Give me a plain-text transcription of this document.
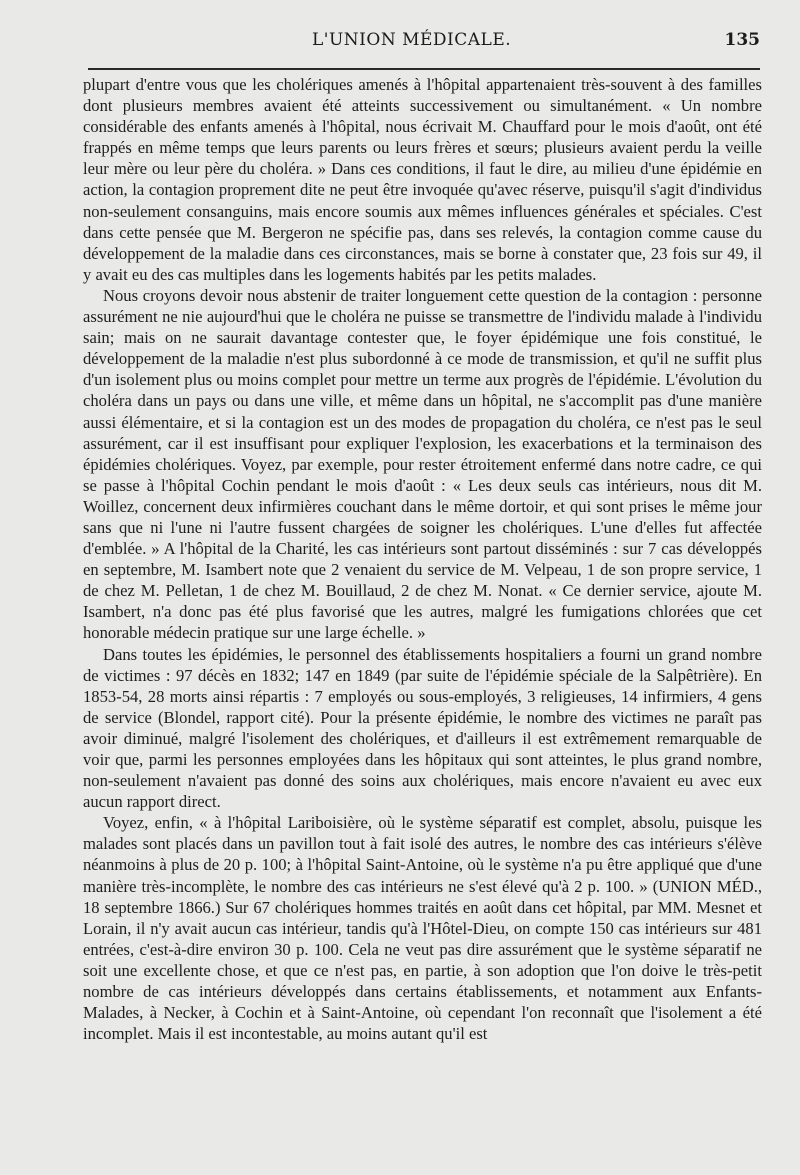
L'UNION MÉDICALE.	135

plupart d'entre vous que les cholériques amenés à l'hôpital appartenaient très-souvent à des familles dont plusieurs membres avaient été atteints successivement ou simultanément. « Un nombre considérable des enfants amenés à l'hôpital, nous écrivait M. Chauffard pour le mois d'août, ont été frappés en même temps que leurs parents ou leurs frères et sœurs; plusieurs avaient perdu la veille leur mère ou leur père du choléra. » Dans ces conditions, il faut le dire, au milieu d'une épidémie en action, la contagion proprement dite ne peut être invoquée qu'avec réserve, puisqu'il s'agit d'individus non-seulement consanguins, mais encore soumis aux mêmes influences générales et spéciales. C'est dans cette pensée que M. Bergeron ne spécifie pas, dans ses relevés, la contagion comme cause du développement de la maladie dans ces circonstances, mais se borne à constater que, 23 fois sur 49, il y avait eu des cas multiples dans les logements habités par les petits malades.

Nous croyons devoir nous abstenir de traiter longuement cette question de la contagion : personne assurément ne nie aujourd'hui que le choléra ne puisse se transmettre de l'individu malade à l'individu sain; mais on ne saurait davantage contester que, le foyer épidémique une fois constitué, le développement de la maladie n'est plus subordonné à ce mode de transmission, et qu'il ne suffit plus d'un isolement plus ou moins complet pour mettre un terme aux progrès de l'épidémie. L'évolution du choléra dans un pays ou dans une ville, et même dans un hôpital, ne s'accomplit pas d'une manière aussi élémentaire, et si la contagion est un des modes de propagation du choléra, ce n'est pas le seul assurément, car il est insuffisant pour expliquer l'explosion, les exacerbations et la terminaison des épidémies cholériques. Voyez, par exemple, pour rester étroitement enfermé dans notre cadre, ce qui se passe à l'hôpital Cochin pendant le mois d'août : « Les deux seuls cas intérieurs, nous dit M. Woillez, concernent deux infirmières couchant dans le même dortoir, et qui sont prises le même jour sans que ni l'une ni l'autre fussent chargées de soigner les cholériques. L'une d'elles fut affectée d'emblée. » A l'hôpital de la Charité, les cas intérieurs sont partout disséminés : sur 7 cas développés en septembre, M. Isambert note que 2 venaient du service de M. Velpeau, 1 de son propre service, 1 de chez M. Pelletan, 1 de chez M. Bouillaud, 2 de chez M. Nonat. « Ce dernier service, ajoute M. Isambert, n'a donc pas été plus favorisé que les autres, malgré les fumigations chlorées que cet honorable médecin pratique sur une large échelle. »

Dans toutes les épidémies, le personnel des établissements hospitaliers a fourni un grand nombre de victimes : 97 décès en 1832; 147 en 1849 (par suite de l'épidémie spéciale de la Salpêtrière). En 1853-54, 28 morts ainsi répartis : 7 employés ou sous-employés, 3 religieuses, 14 infirmiers, 4 gens de service (Blondel, rapport cité). Pour la présente épidémie, le nombre des victimes ne paraît pas avoir diminué, malgré l'isolement des cholériques, et d'ailleurs il est extrêmement remarquable de voir que, parmi les personnes employées dans les hôpitaux qui sont atteintes, le plus grand nombre, non-seulement n'avaient pas donné des soins aux cholériques, mais encore n'avaient eu avec eux aucun rapport direct.

Voyez, enfin, « à l'hôpital Lariboisière, où le système séparatif est complet, absolu, puisque les malades sont placés dans un pavillon tout à fait isolé des autres, le nombre des cas intérieurs s'élève néanmoins à plus de 20 p. 100; à l'hôpital Saint-Antoine, où le système n'a pu être appliqué que d'une manière très-incomplète, le nombre des cas intérieurs ne s'est élevé qu'à 2 p. 100. » (UNION MÉD., 18 septembre 1866.) Sur 67 cholériques hommes traités en août dans cet hôpital, par MM. Mesnet et Lorain, il n'y avait aucun cas intérieur, tandis qu'à l'Hôtel-Dieu, on compte 150 cas intérieurs sur 481 entrées, c'est-à-dire environ 30 p. 100. Cela ne veut pas dire assurément que le système séparatif ne soit une excellente chose, et que ce n'est pas, en partie, à son adoption que l'on doive le très-petit nombre de cas intérieurs développés dans certains établissements, et notamment aux Enfants-Malades, à Necker, à Cochin et à Saint-Antoine, où cependant l'on reconnaît que l'isolement a été incomplet. Mais il est incontestable, au moins autant qu'il est
